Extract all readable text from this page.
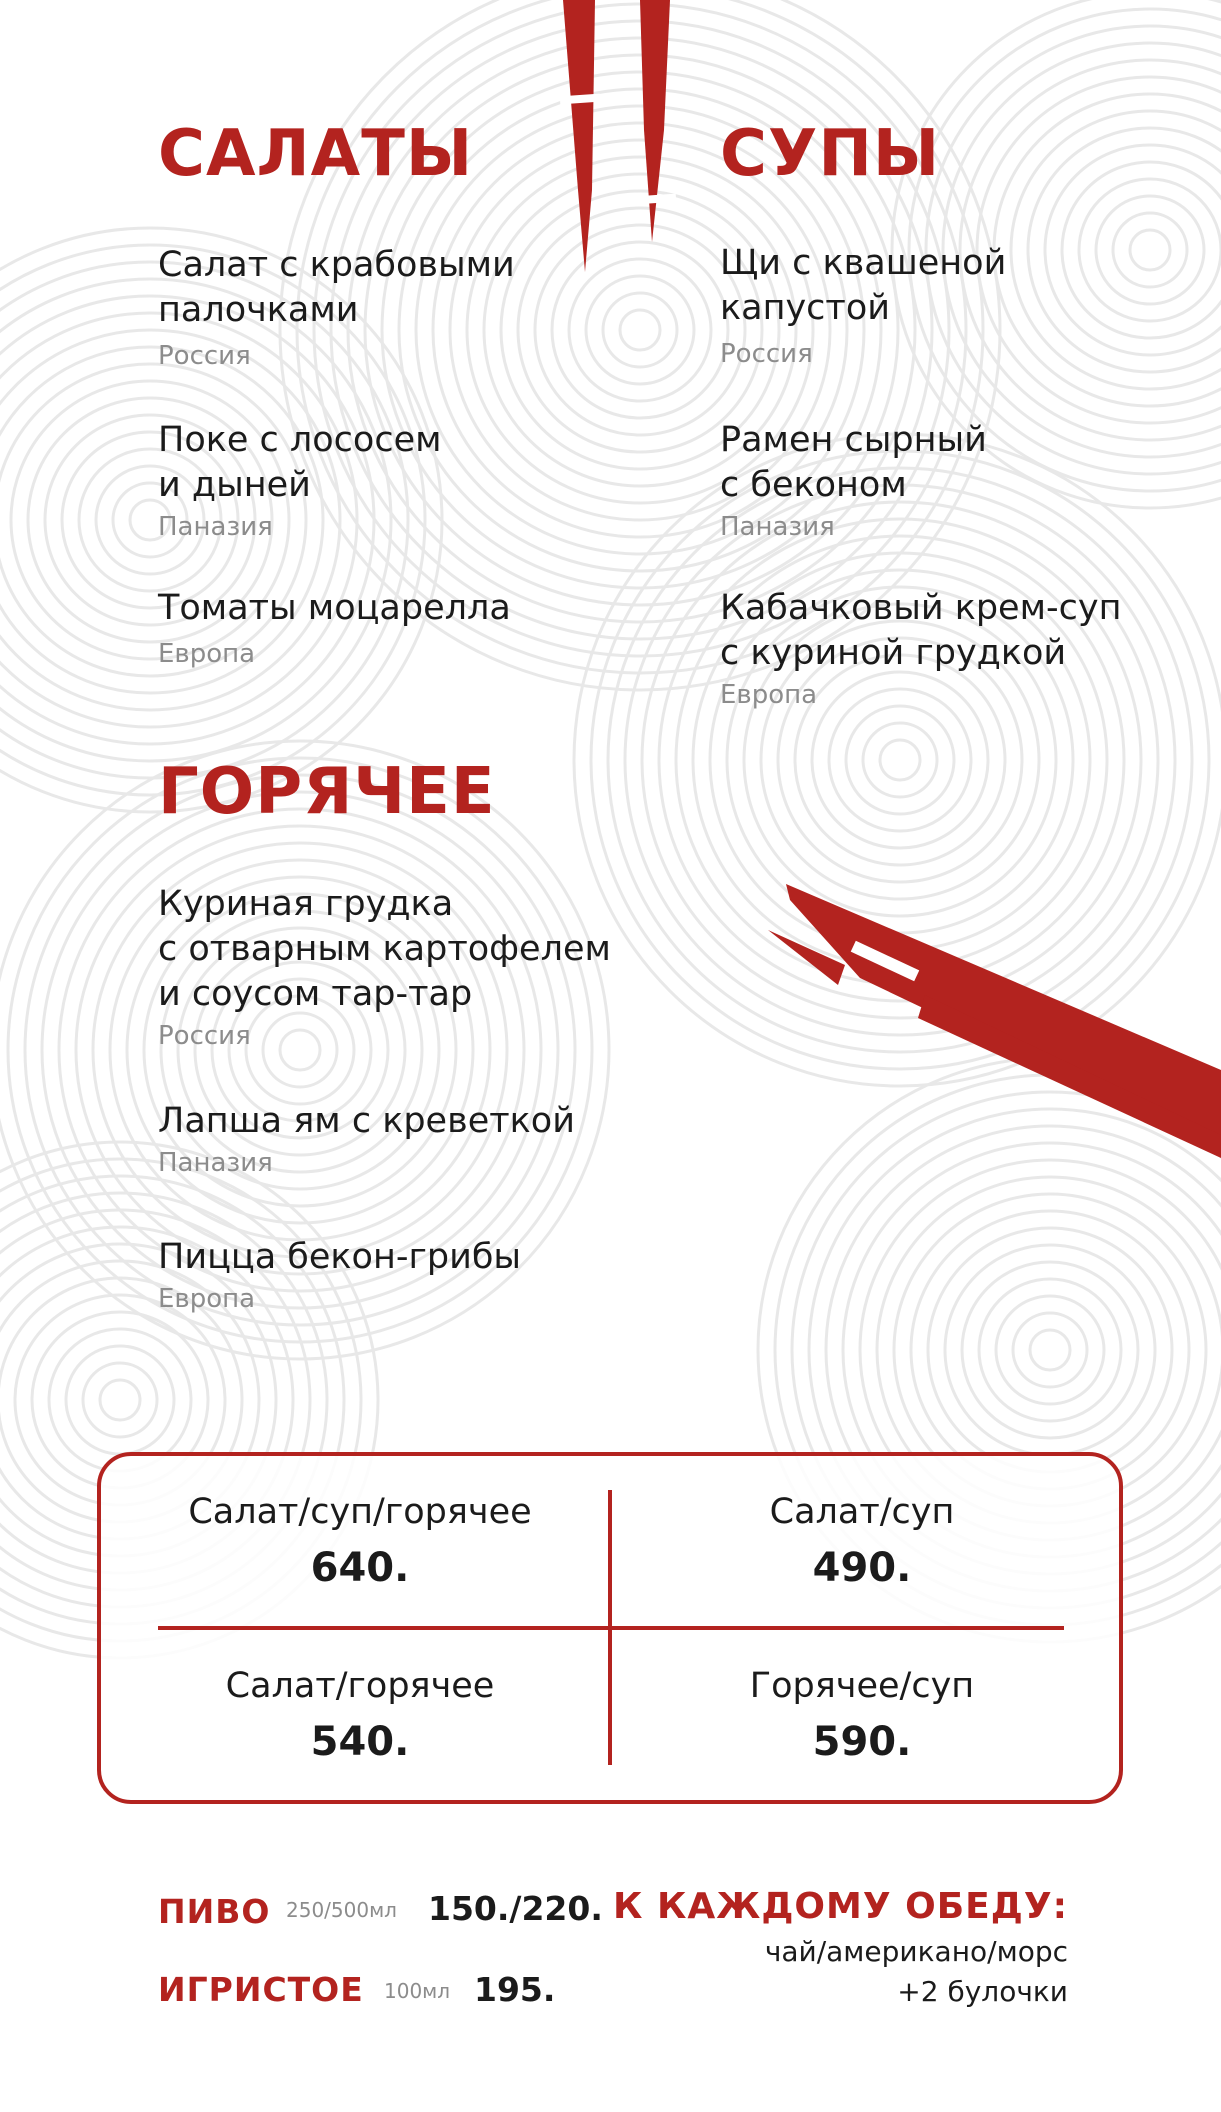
САЛАТЫ
Салат с крабовыми
палочками
Россия
Поке с лососем
и дыней
Паназия
Томаты моцарелла
Европа
СУПЫ
Щи с квашеной
капустой
Россия
Рамен сырный
с беконом
Паназия
Кабачковый крем-суп
с куриной грудкой
Европа
ГОРЯЧЕЕ
Куриная грудка
с отварным картофелем
и соусом тар-тар
Россия
Лапша ям с креветкой
Паназия
Пицца бекон-грибы
Европа
Салат/суп/горячее
640.
Салат/суп
490.
Салат/горячее
540.
Горячее/суп
590.
ПИВО 250/500мл 150./220.
ИГРИСТОЕ 100мл 195.
К КАЖДОМУ ОБЕДУ:
чай/американо/морс
+2 булочки
